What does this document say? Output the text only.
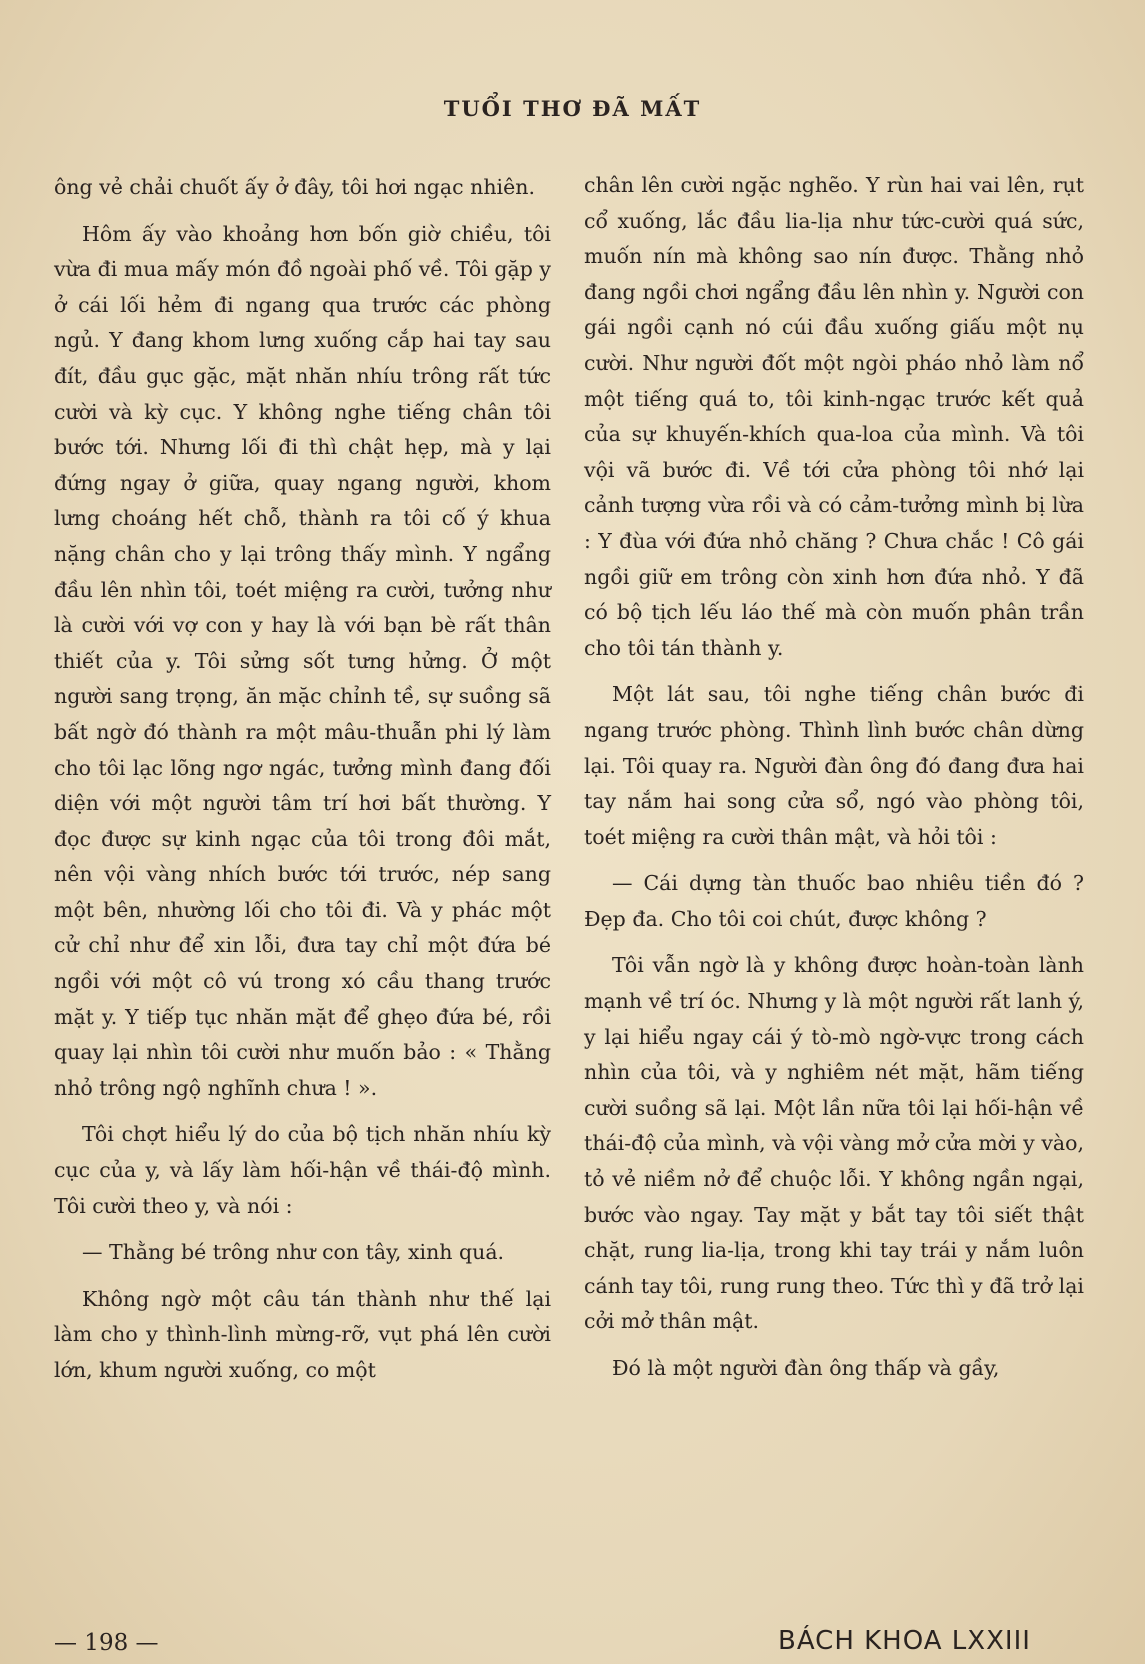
TUỔI THƠ ĐÃ MẤT

ông vẻ chải chuốt ấy ở đây, tôi hơi ngạc nhiên.

Hôm ấy vào khoảng hơn bốn giờ chiều, tôi vừa đi mua mấy món đồ ngoài phố về. Tôi gặp y ở cái lối hẻm đi ngang qua trước các phòng ngủ. Y đang khom lưng xuống cắp hai tay sau đít, đầu gục gặc, mặt nhăn nhíu trông rất tức cười và kỳ cục. Y không nghe tiếng chân tôi bước tới. Nhưng lối đi thì chật hẹp, mà y lại đứng ngay ở giữa, quay ngang người, khom lưng choáng hết chỗ, thành ra tôi cố ý khua nặng chân cho y lại trông thấy mình. Y ngẩng đầu lên nhìn tôi, toét miệng ra cười, tưởng như là cười với vợ con y hay là với bạn bè rất thân thiết của y. Tôi sửng sốt tưng hửng. Ở một người sang trọng, ăn mặc chỉnh tề, sự suồng sã bất ngờ đó thành ra một mâu-thuẫn phi lý làm cho tôi lạc lõng ngơ ngác, tưởng mình đang đối diện với một người tâm trí hơi bất thường. Y đọc được sự kinh ngạc của tôi trong đôi mắt, nên vội vàng nhích bước tới trước, nép sang một bên, nhường lối cho tôi đi. Và y phác một cử chỉ như để xin lỗi, đưa tay chỉ một đứa bé ngồi với một cô vú trong xó cầu thang trước mặt y. Y tiếp tục nhăn mặt để ghẹo đứa bé, rồi quay lại nhìn tôi cười như muốn bảo : « Thằng nhỏ trông ngộ nghĩnh chưa ! ».

Tôi chợt hiểu lý do của bộ tịch nhăn nhíu kỳ cục của y, và lấy làm hối-hận về thái-độ mình. Tôi cười theo y, và nói :

— Thằng bé trông như con tây, xinh quá.

Không ngờ một câu tán thành như thế lại làm cho y thình-lình mừng-rỡ, vụt phá lên cười lớn, khum người xuống, co một

chân lên cười ngặc nghẽo. Y rùn hai vai lên, rụt cổ xuống, lắc đầu lia-lịa như tức-cười quá sức, muốn nín mà không sao nín được. Thằng nhỏ đang ngồi chơi ngẩng đầu lên nhìn y. Người con gái ngồi cạnh nó cúi đầu xuống giấu một nụ cười. Như người đốt một ngòi pháo nhỏ làm nổ một tiếng quá to, tôi kinh-ngạc trước kết quả của sự khuyến-khích qua-loa của mình. Và tôi vội vã bước đi. Về tới cửa phòng tôi nhớ lại cảnh tượng vừa rồi và có cảm-tưởng mình bị lừa : Y đùa với đứa nhỏ chăng ? Chưa chắc ! Cô gái ngồi giữ em trông còn xinh hơn đứa nhỏ. Y đã có bộ tịch lếu láo thế mà còn muốn phân trần cho tôi tán thành y.

Một lát sau, tôi nghe tiếng chân bước đi ngang trước phòng. Thình lình bước chân dừng lại. Tôi quay ra. Người đàn ông đó đang đưa hai tay nắm hai song cửa sổ, ngó vào phòng tôi, toét miệng ra cười thân mật, và hỏi tôi :

— Cái dựng tàn thuốc bao nhiêu tiền đó ? Đẹp đa. Cho tôi coi chút, được không ?

Tôi vẫn ngờ là y không được hoàn-toàn lành mạnh về trí óc. Nhưng y là một người rất lanh ý, y lại hiểu ngay cái ý tò-mò ngờ-vực trong cách nhìn của tôi, và y nghiêm nét mặt, hãm tiếng cười suồng sã lại. Một lần nữa tôi lại hối-hận về thái-độ của mình, và vội vàng mở cửa mời y vào, tỏ vẻ niềm nở để chuộc lỗi. Y không ngần ngại, bước vào ngay. Tay mặt y bắt tay tôi siết thật chặt, rung lia-lịa, trong khi tay trái y nắm luôn cánh tay tôi, rung rung theo. Tức thì y đã trở lại cởi mở thân mật.

Đó là một người đàn ông thấp và gầy,

— 198 —	BÁCH KHOA LXXIII
